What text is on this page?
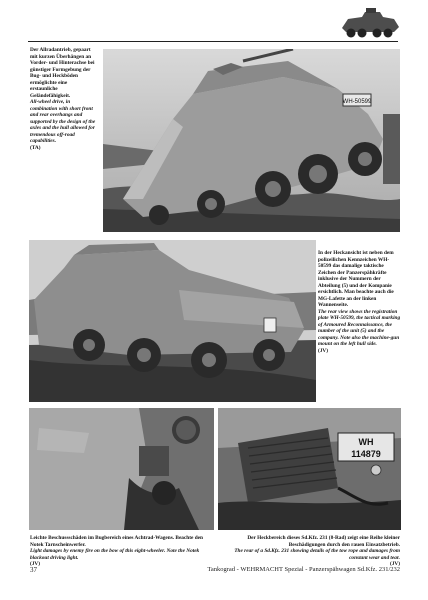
Der Allradantrieb, gepaart mit kurzen Überhängen an Vorder- und Hinterachse bei günstiger Formgebung der Bug- und Heckböden ermöglichte eine erstaunliche Geländefähigkeit.
All-wheel drive, in combination with short front and rear overhangs and supported by the design of the axles and the hull allowed for tremendous off-road capabilities.
(TA)
WH-50599
In der Heckansicht ist neben dem polizeilichen Kennzeichen WH-50599 das damalige taktische Zeichen der Panzerspähkräfte inklusive der Nummern der Abteilung (5) und der Kompanie ersichtlich. Man beachte auch die MG-Lafette an der linken Wannenseite.
The rear view shows the registration plate WH-50599, the tactical marking of Armoured Reconnaissance, the number of the unit (5) and the company. Note also the machine-gun mount on the left hull side.
(JV)
WH
114879
Leichte Beschussschäden im Bugbereich eines Achtrad-Wagens. Beachte den Notek Tarnscheinwerfer.
Light damages by enemy fire on the bow of this eight-wheeler. Note the Notek blackout driving light.
(JV)
Der Heckbereich dieses Sd.Kfz. 231 (8-Rad) zeigt eine Reihe kleiner Beschädigungen durch den rauen Einsatzbetrieb.
The rear of a Sd.Kfz. 231 showing details of the tow rope and damages from constant wear and tear.
(JV)
37	Tankograd - WEHRMACHT Spezial - Panzerspähwagen Sd.Kfz. 231/232
